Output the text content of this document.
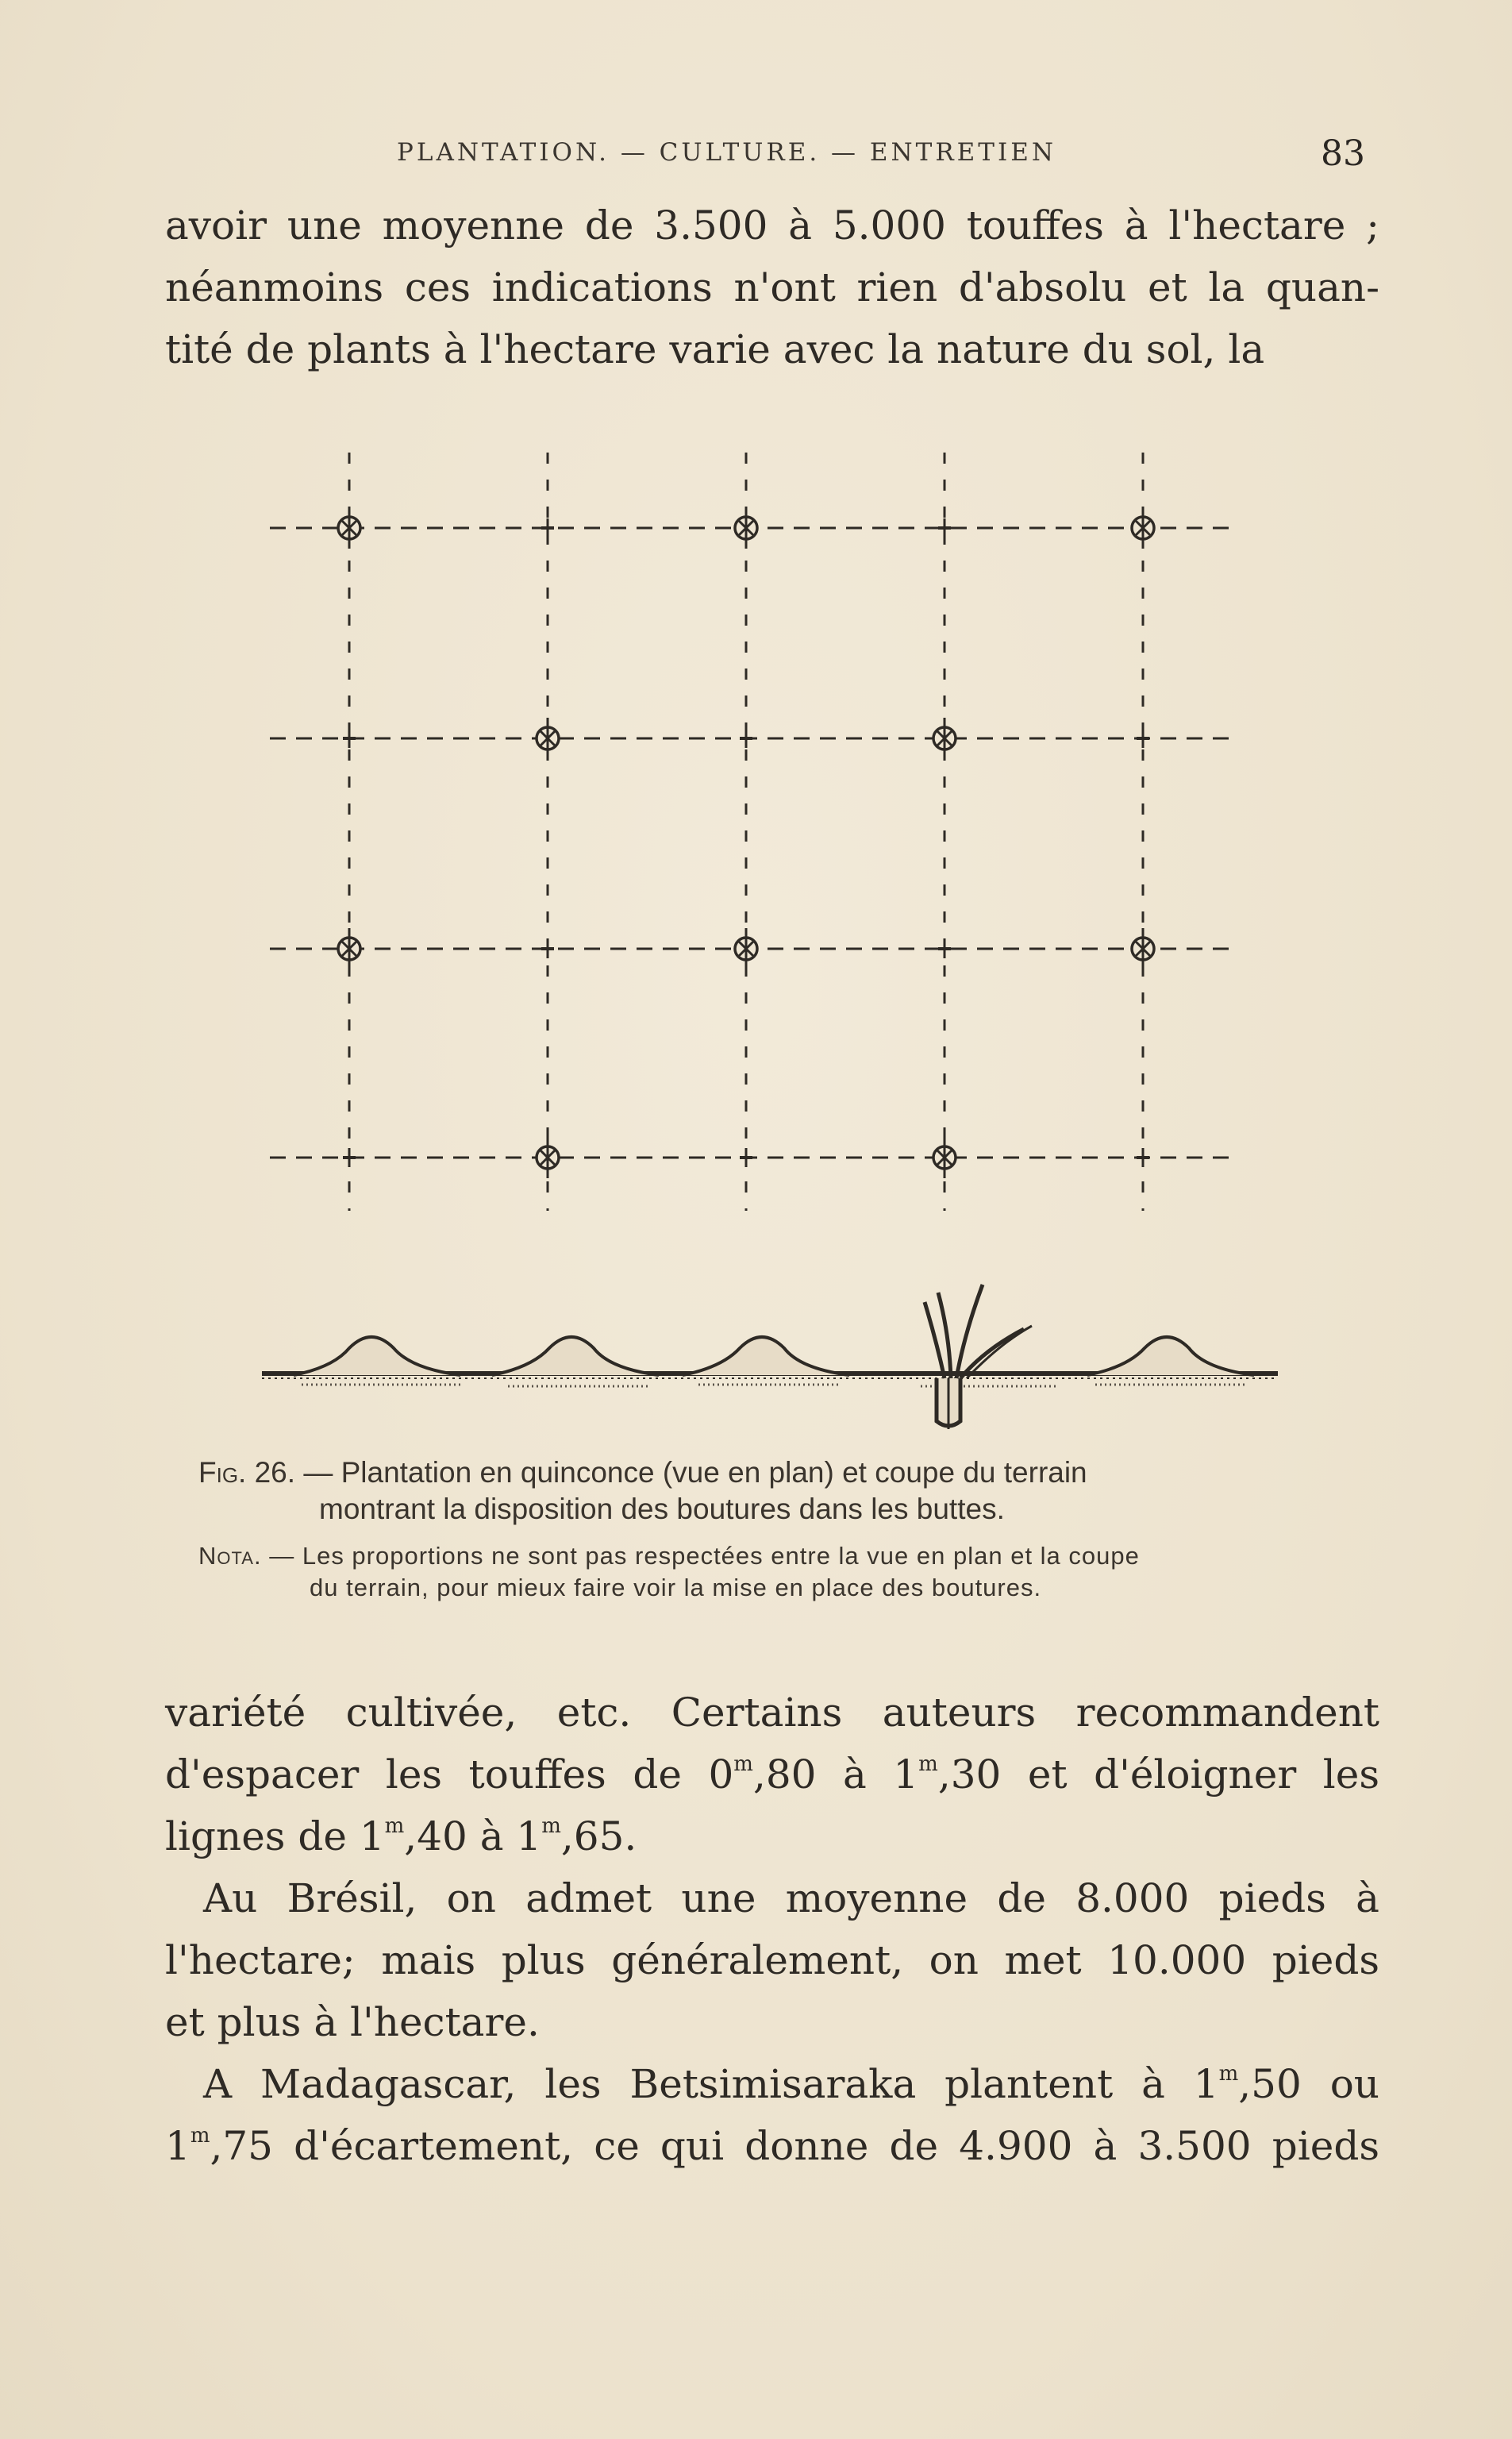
PLANTATION. — CULTURE. — ENTRETIEN	83
avoir une moyenne de 3.500 à 5.000 touffes à l'hectare ;
néanmoins ces indications n'ont rien d'absolu et la quan-
tité de plants à l'hectare varie avec la nature du sol, la
Fig. 26. — Plantation en quinconce (vue en plan) et coupe du terrain
montrant la disposition des boutures dans les buttes.
Nota. — Les proportions ne sont pas respectées entre la vue en plan et la coupe
du terrain, pour mieux faire voir la mise en place des boutures.
variété cultivée, etc. Certains auteurs recommandent
d'espacer les touffes de 0$^m$,80 à 1$^m$,30 et d'éloigner les
lignes de 1$^m$,40 à 1$^m$,65.
Au Brésil, on admet une moyenne de 8.000 pieds à
l'hectare; mais plus généralement, on met 10.000 pieds
et plus à l'hectare.
A Madagascar, les Betsimisaraka plantent à 1$^m$,50 ou
1$^m$,75 d'écartement, ce qui donne de 4.900 à 3.500 pieds
